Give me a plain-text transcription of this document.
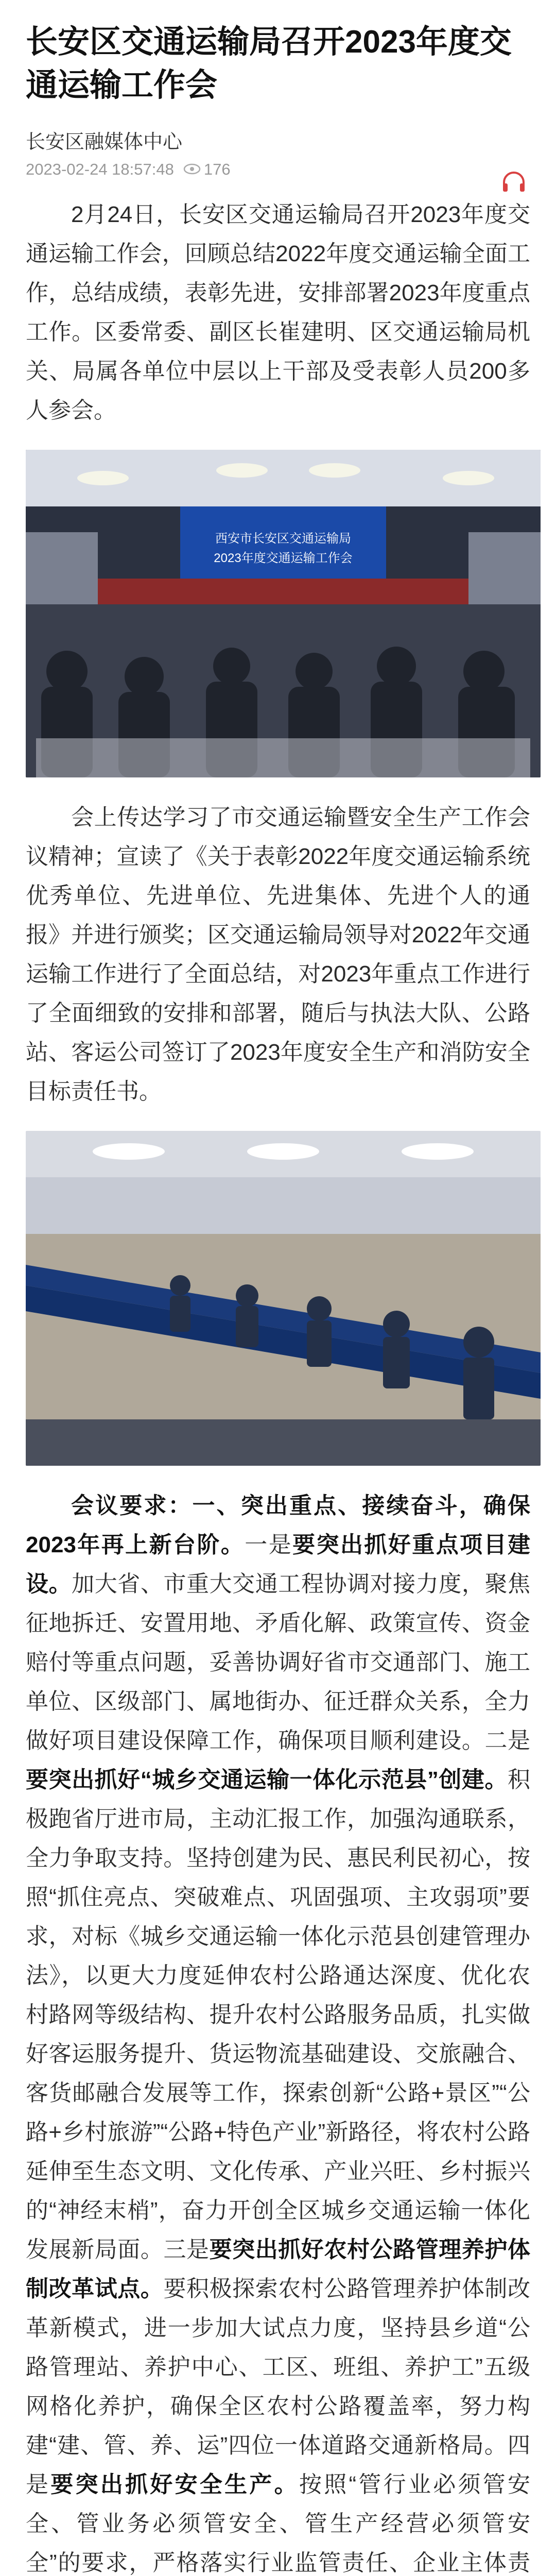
长安区交通运输局召开2023年度交通运输工作会
长安区融媒体中心
2023-02-24 18:57:48 176

2月24日，长安区交通运输局召开2023年度交通运输工作会，回顾总结2022年度交通运输全面工作，总结成绩，表彰先进，安排部署2023年度重点工作。区委常委、副区长崔建明、区交通运输局机关、局属各单位中层以上干部及受表彰人员200多人参会。

西安市长安区交通运输局
2023年度交通运输工作会

会上传达学习了市交通运输暨安全生产工作会议精神；宣读了《关于表彰2022年度交通运输系统优秀单位、先进单位、先进集体、先进个人的通报》并进行颁奖；区交通运输局领导对2022年交通运输工作进行了全面总结，对2023年重点工作进行了全面细致的安排和部署，随后与执法大队、公路站、客运公司签订了2023年度安全生产和消防安全目标责任书。

会议要求：一、突出重点、接续奋斗，确保2023年再上新台阶。一是要突出抓好重点项目建设。加大省、市重大交通工程协调对接力度，聚焦征地拆迁、安置用地、矛盾化解、政策宣传、资金赔付等重点问题，妥善协调好省市交通部门、施工单位、区级部门、属地街办、征迁群众关系，全力做好项目建设保障工作，确保项目顺利建设。二是要突出抓好“城乡交通运输一体化示范县”创建。积极跑省厅进市局，主动汇报工作，加强沟通联系，全力争取支持。坚持创建为民、惠民利民初心，按照“抓住亮点、突破难点、巩固强项、主攻弱项”要求，对标《城乡交通运输一体化示范县创建管理办法》，以更大力度延伸农村公路通达深度、优化农村路网等级结构、提升农村公路服务品质，扎实做好客运服务提升、货运物流基础建设、交旅融合、客货邮融合发展等工作，探索创新“公路+景区”“公路+乡村旅游”“公路+特色产业”新路径，将农村公路延伸至生态文明、文化传承、产业兴旺、乡村振兴的“神经末梢”，奋力开创全区城乡交通运输一体化发展新局面。三是要突出抓好农村公路管理养护体制改革试点。要积极探索农村公路管理养护体制改革新模式，进一步加大试点力度，坚持县乡道“公路管理站、养护中心、工区、班组、养护工”五级网格化养护，确保全区农村公路覆盖率，努力构建“建、管、养、运”四位一体道路交通新格局。四是要突出抓好安全生产。按照“管行业必须管安全、管业务必须管安全、管生产经营必须管安全”的要求，严格落实行业监管责任、企业主体责
